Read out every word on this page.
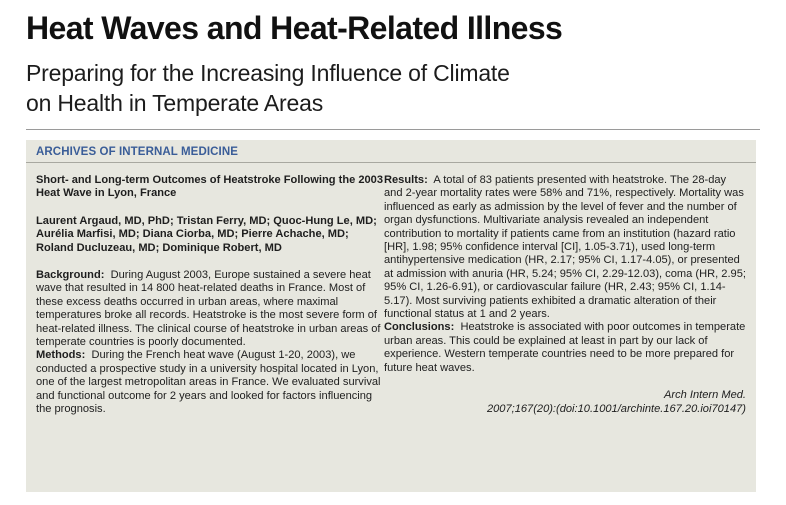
Heat Waves and Heat-Related Illness
Preparing for the Increasing Influence of Climate
on Health in Temperate Areas
ARCHIVES OF INTERNAL MEDICINE

Short- and Long-term Outcomes of Heatstroke Following the 2003 Heat Wave in Lyon, France

Laurent Argaud, MD, PhD; Tristan Ferry, MD; Quoc-Hung Le, MD; Aurélia Marfisi, MD; Diana Ciorba, MD; Pierre Achache, MD; Roland Ducluzeau, MD; Dominique Robert, MD

Background: During August 2003, Europe sustained a severe heat wave that resulted in 14 800 heat-related deaths in France. Most of these excess deaths occurred in urban areas, where maximal temperatures broke all records. Heatstroke is the most severe form of heat-related illness. The clinical course of heatstroke in urban areas of temperate countries is poorly documented.

Methods: During the French heat wave (August 1-20, 2003), we conducted a prospective study in a university hospital located in Lyon, one of the largest metropolitan areas in France. We evaluated survival and functional outcome for 2 years and looked for factors influencing the prognosis.

Results: A total of 83 patients presented with heatstroke. The 28-day and 2-year mortality rates were 58% and 71%, respectively. Mortality was influenced as early as admission by the level of fever and the number of organ dysfunctions. Multivariate analysis revealed an independent contribution to mortality if patients came from an institution (hazard ratio [HR], 1.98; 95% confidence interval [CI], 1.05-3.71), used long-term antihypertensive medication (HR, 2.17; 95% CI, 1.17-4.05), or presented at admission with anuria (HR, 5.24; 95% CI, 2.29-12.03), coma (HR, 2.95; 95% CI, 1.26-6.91), or cardiovascular failure (HR, 2.43; 95% CI, 1.14-5.17). Most surviving patients exhibited a dramatic alteration of their functional status at 1 and 2 years.

Conclusions: Heatstroke is associated with poor outcomes in temperate urban areas. This could be explained at least in part by our lack of experience. Western temperate countries need to be more prepared for future heat waves.

Arch Intern Med.
2007;167(20):(doi:10.1001/archinte.167.20.ioi70147)
